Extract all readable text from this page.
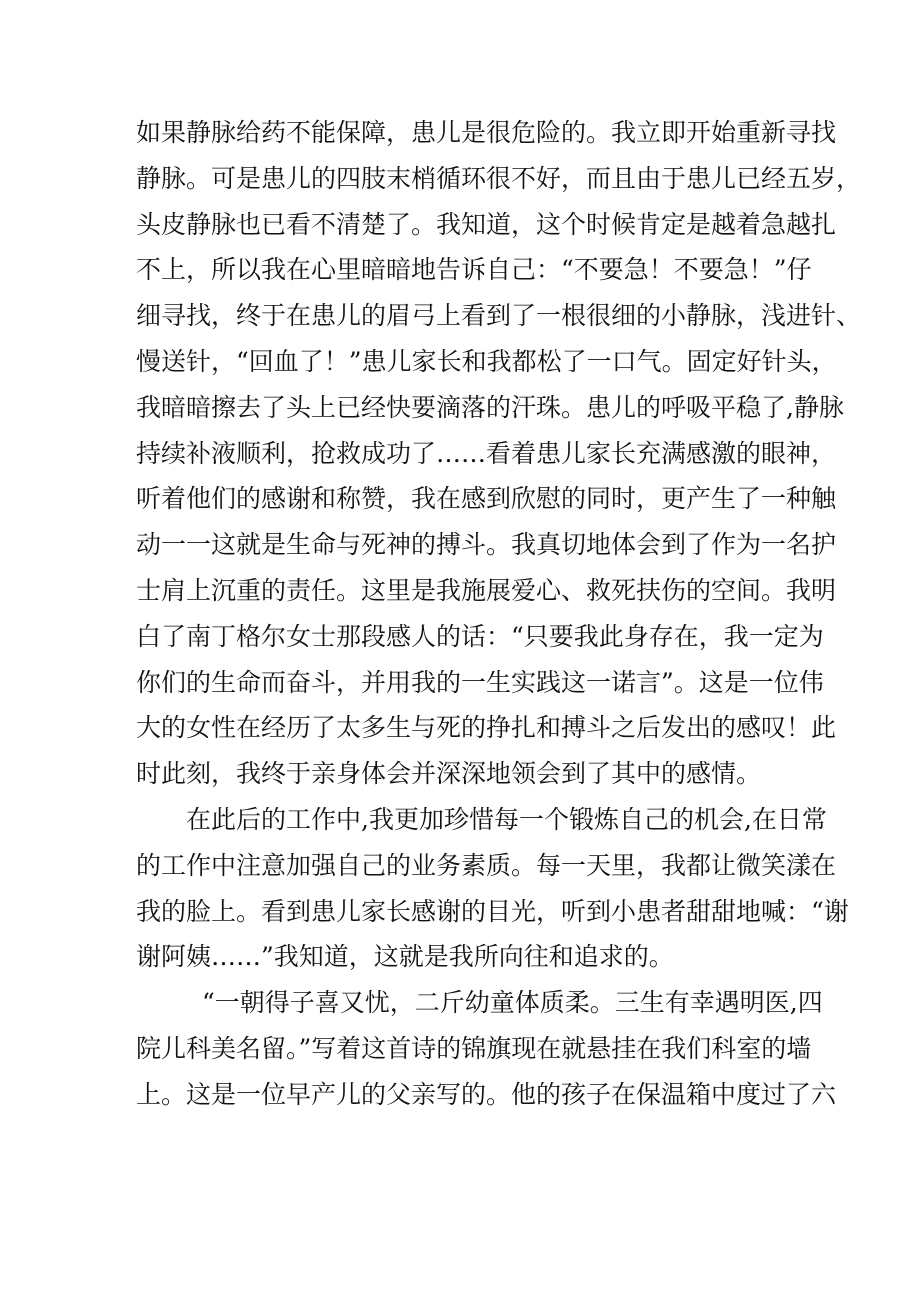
如果静脉给药不能保障，患儿是很危险的。我立即开始重新寻找
静脉。可是患儿的四肢末梢循环很不好，而且由于患儿已经五岁，
头皮静脉也已看不清楚了。我知道，这个时候肯定是越着急越扎
不上，所以我在心里暗暗地告诉自己：“不要急！不要急！”仔
细寻找，终于在患儿的眉弓上看到了一根很细的小静脉，浅进针、
慢送针，“回血了！”患儿家长和我都松了一口气。固定好针头，
我暗暗擦去了头上已经快要滴落的汗珠。患儿的呼吸平稳了,静脉
持续补液顺利，抢救成功了……看着患儿家长充满感激的眼神，
听着他们的感谢和称赞，我在感到欣慰的同时，更产生了一种触
动一一这就是生命与死神的搏斗。我真切地体会到了作为一名护
士肩上沉重的责任。这里是我施展爱心、救死扶伤的空间。我明
白了南丁格尔女士那段感人的话：“只要我此身存在，我一定为
你们的生命而奋斗，并用我的一生实践这一诺言”。这是一位伟
大的女性在经历了太多生与死的挣扎和搏斗之后发出的感叹！此
时此刻，我终于亲身体会并深深地领会到了其中的感情。
在此后的工作中,我更加珍惜每一个锻炼自己的机会,在日常
的工作中注意加强自己的业务素质。每一天里，我都让微笑漾在
我的脸上。看到患儿家长感谢的目光，听到小患者甜甜地喊：“谢
谢阿姨……”我知道，这就是我所向往和追求的。
“一朝得子喜又忧，二斤幼童体质柔。三生有幸遇明医,四
院儿科美名留。”写着这首诗的锦旗现在就悬挂在我们科室的墙
上。这是一位早产儿的父亲写的。他的孩子在保温箱中度过了六
